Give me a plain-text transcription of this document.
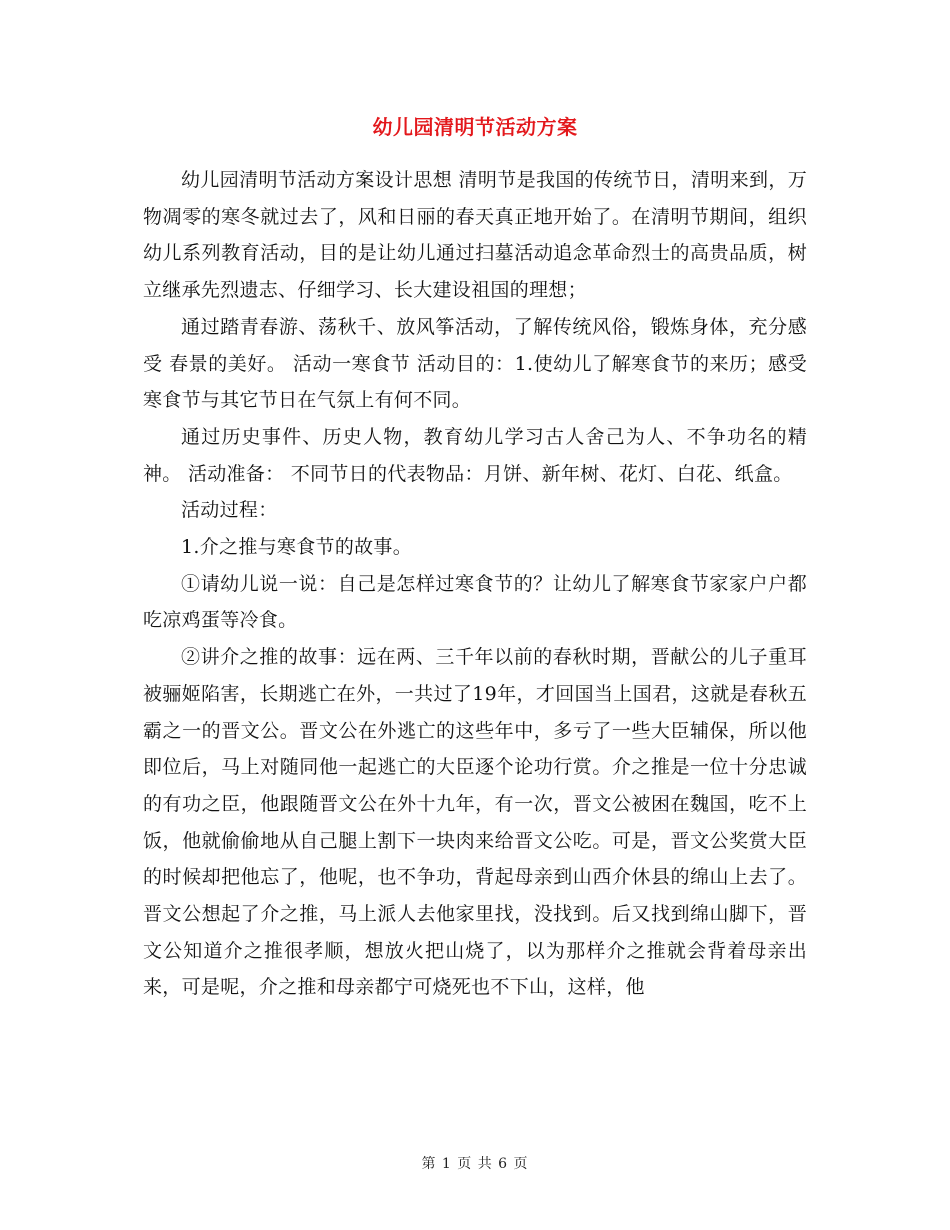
幼儿园清明节活动方案

幼儿园清明节活动方案设计思想 清明节是我国的传统节日，清明来到，万物凋零的寒冬就过去了，风和日丽的春天真正地开始了。在清明节期间，组织幼儿系列教育活动，目的是让幼儿通过扫墓活动追念革命烈士的高贵品质，树立继承先烈遗志、仔细学习、长大建设祖国的理想；

通过踏青春游、荡秋千、放风筝活动，了解传统风俗，锻炼身体，充分感受 春景的美好。 活动一寒食节 活动目的：1.使幼儿了解寒食节的来历；感受寒食节与其它节日在气氛上有何不同。

通过历史事件、历史人物，教育幼儿学习古人舍己为人、不争功名的精神。 活动准备： 不同节日的代表物品：月饼、新年树、花灯、白花、纸盒。

活动过程：

1.介之推与寒食节的故事。

①请幼儿说一说：自己是怎样过寒食节的？让幼儿了解寒食节家家户户都吃凉鸡蛋等冷食。

②讲介之推的故事：远在两、三千年以前的春秋时期，晋献公的儿子重耳被骊姬陷害，长期逃亡在外，一共过了19年，才回国当上国君，这就是春秋五霸之一的晋文公。晋文公在外逃亡的这些年中，多亏了一些大臣辅保，所以他即位后，马上对随同他一起逃亡的大臣逐个论功行赏。介之推是一位十分忠诚的有功之臣，他跟随晋文公在外十九年，有一次，晋文公被困在魏国，吃不上饭，他就偷偷地从自己腿上割下一块肉来给晋文公吃。可是，晋文公奖赏大臣的时候却把他忘了，他呢，也不争功，背起母亲到山西介休县的绵山上去了。 晋文公想起了介之推，马上派人去他家里找，没找到。后又找到绵山脚下，晋文公知道介之推很孝顺，想放火把山烧了，以为那样介之推就会背着母亲出来，可是呢，介之推和母亲都宁可烧死也不下山，这样，他

第 1 页 共 6 页
